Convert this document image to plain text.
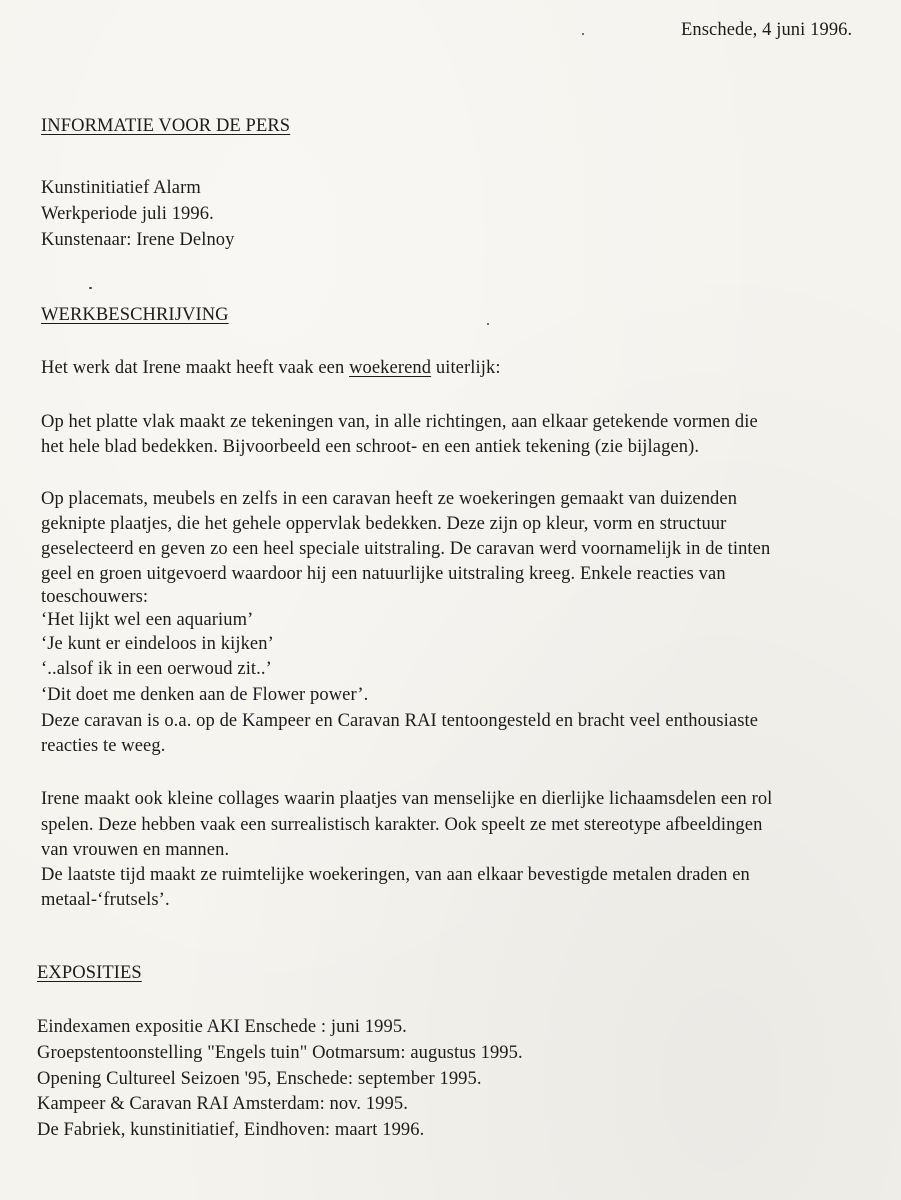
Enschede, 4 juni 1996.
INFORMATIE VOOR DE PERS
Kunstinitiatief Alarm
Werkperiode juli 1996.
Kunstenaar: Irene Delnoy
WERKBESCHRIJVING
Het werk dat Irene maakt heeft vaak een woekerend uiterlijk:
Op het platte vlak maakt ze tekeningen van, in alle richtingen, aan elkaar getekende vormen die
het hele blad bedekken. Bijvoorbeeld een schroot- en een antiek tekening (zie bijlagen).
Op placemats, meubels en zelfs in een caravan heeft ze woekeringen gemaakt van duizenden
geknipte plaatjes, die het gehele oppervlak bedekken. Deze zijn op kleur, vorm en structuur
geselecteerd en geven zo een heel speciale uitstraling. De caravan werd voornamelijk in de tinten
geel en groen uitgevoerd waardoor hij een natuurlijke uitstraling kreeg. Enkele reacties van
toeschouwers:
‘Het lijkt wel een aquarium’
‘Je kunt er eindeloos in kijken’
‘..alsof ik in een oerwoud zit..’
‘Dit doet me denken aan de Flower power’.
Deze caravan is o.a. op de Kampeer en Caravan RAI tentoongesteld en bracht veel enthousiaste
reacties te weeg.
Irene maakt ook kleine collages waarin plaatjes van menselijke en dierlijke lichaamsdelen een rol
spelen. Deze hebben vaak een surrealistisch karakter. Ook speelt ze met stereotype afbeeldingen
van vrouwen en mannen.
De laatste tijd maakt ze ruimtelijke woekeringen, van aan elkaar bevestigde metalen draden en
metaal-‘frutsels’.
EXPOSITIES
Eindexamen expositie AKI Enschede : juni 1995.
Groepstentoonstelling "Engels tuin" Ootmarsum: augustus 1995.
Opening Cultureel Seizoen '95, Enschede: september 1995.
Kampeer & Caravan RAI Amsterdam: nov. 1995.
De Fabriek, kunstinitiatief, Eindhoven: maart 1996.
